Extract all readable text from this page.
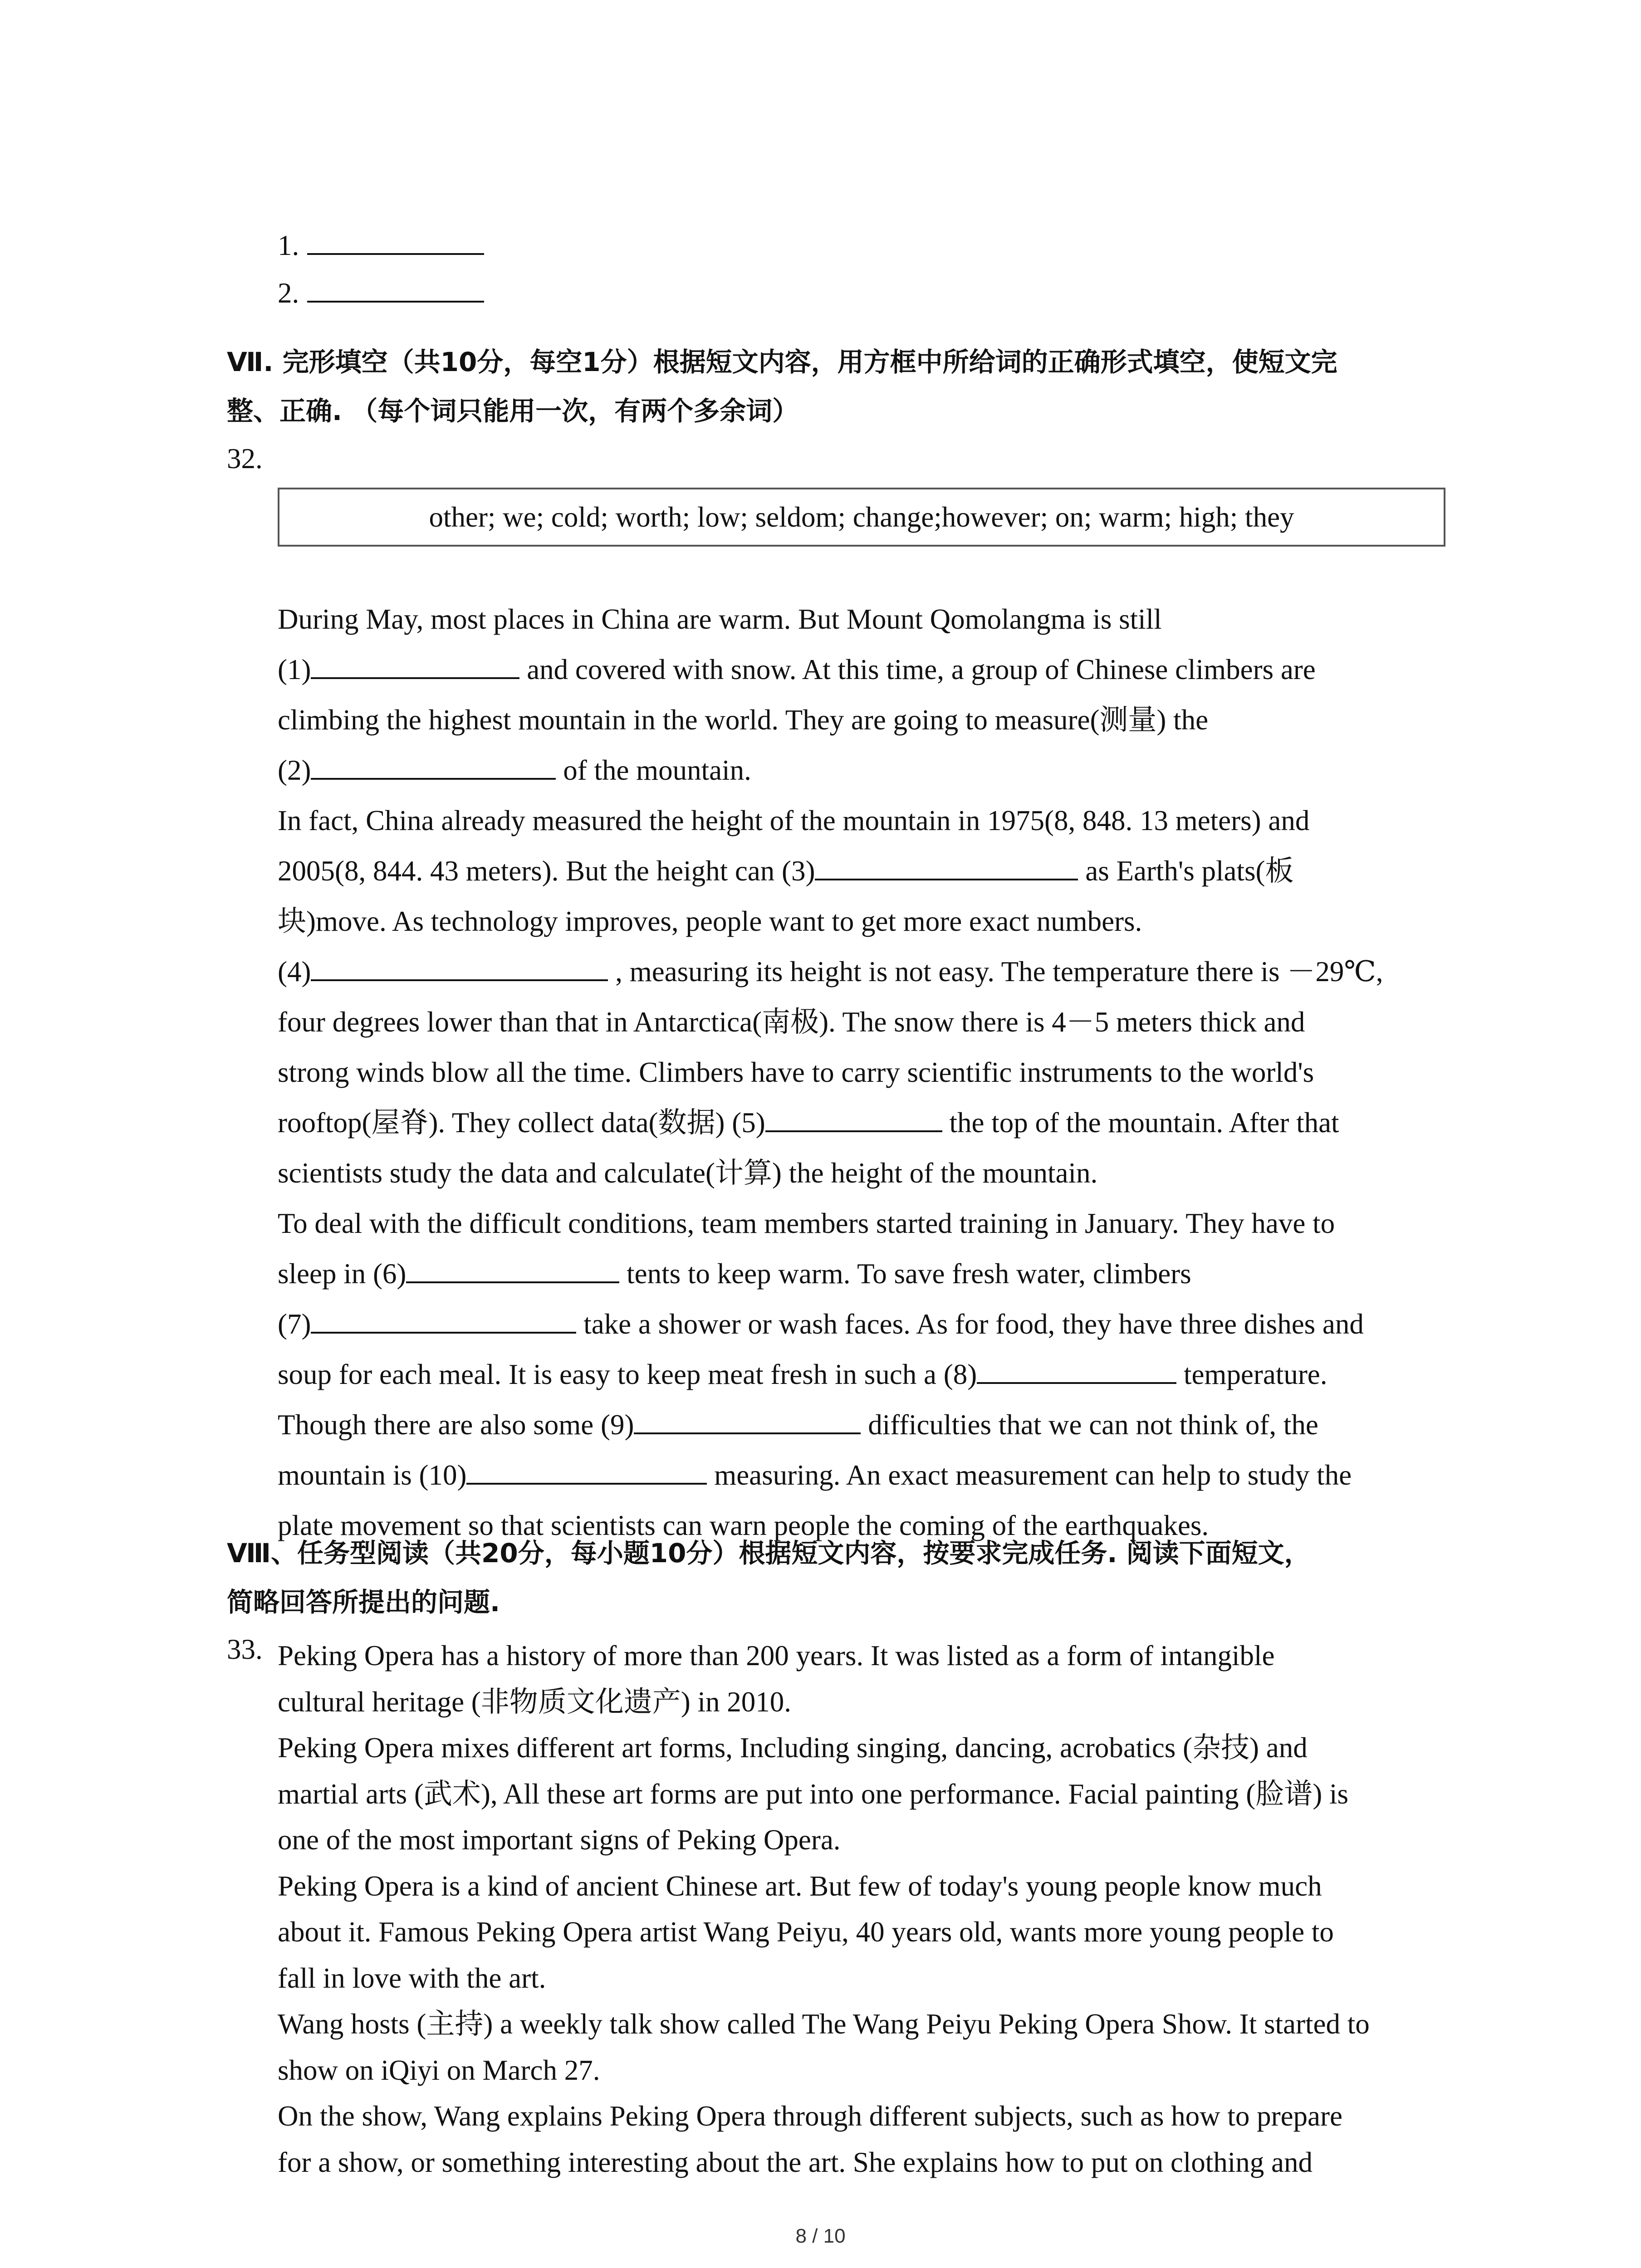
1.
2.
Ⅶ. 完形填空（共10分，每空1分）根据短文内容，用方框中所给词的正确形式填空，使短文完
整、正确. （每个词只能用一次，有两个多余词）
32.
other; we; cold; worth; low; seldom; change;however; on; warm; high; they

During May, most places in China are warm. But Mount Qomolangma is still

(1)	and covered with snow. At this time, a group of Chinese climbers are

climbing the highest mountain in the world. They are going to measure(测量) the

(2)	of the mountain.

In fact, China already measured the height of the mountain in 1975(8, 848. 13 meters) and

2005(8, 844. 43 meters). But the height can (3)	as Earth's plats(板

块)move. As technology improves, people want to get more exact numbers.

(4)	, measuring its height is not easy. The temperature there is －29℃,

four degrees lower than that in Antarctica(南极). The snow there is 4－5 meters thick and

strong winds blow all the time. Climbers have to carry scientific instruments to the world's

rooftop(屋脊). They collect data(数据) (5)	the top of the mountain. After that

scientists study the data and calculate(计算) the height of the mountain.

To deal with the difficult conditions, team members started training in January. They have to

sleep in (6)	tents to keep warm. To save fresh water, climbers

(7)	take a shower or wash faces. As for food, they have three dishes and

soup for each meal. It is easy to keep meat fresh in such a (8)	temperature.

Though there are also some (9)	difficulties that we can not think of, the

mountain is (10)	measuring. An exact measurement can help to study the

plate movement so that scientists can warn people the coming of the earthquakes.

Ⅷ、任务型阅读（共20分，每小题10分）根据短文内容，按要求完成任务. 阅读下面短文，
简略回答所提出的问题.
33. Peking Opera has a history of more than 200 years. It was listed as a form of intangible

cultural heritage (非物质文化遗产) in 2010.

Peking Opera mixes different art forms, Including singing, dancing, acrobatics (杂技) and

martial arts (武术), All these art forms are put into one performance. Facial painting (脸谱) is

one of the most important signs of Peking Opera.

Peking Opera is a kind of ancient Chinese art. But few of today's young people know much

about it. Famous Peking Opera artist Wang Peiyu, 40 years old, wants more young people to

fall in love with the art.

Wang hosts (主持) a weekly talk show called The Wang Peiyu Peking Opera Show. It started to

show on iQiyi on March 27.

On the show, Wang explains Peking Opera through different subjects, such as how to prepare

for a show, or something interesting about the art. She explains how to put on clothing and

8 / 10
